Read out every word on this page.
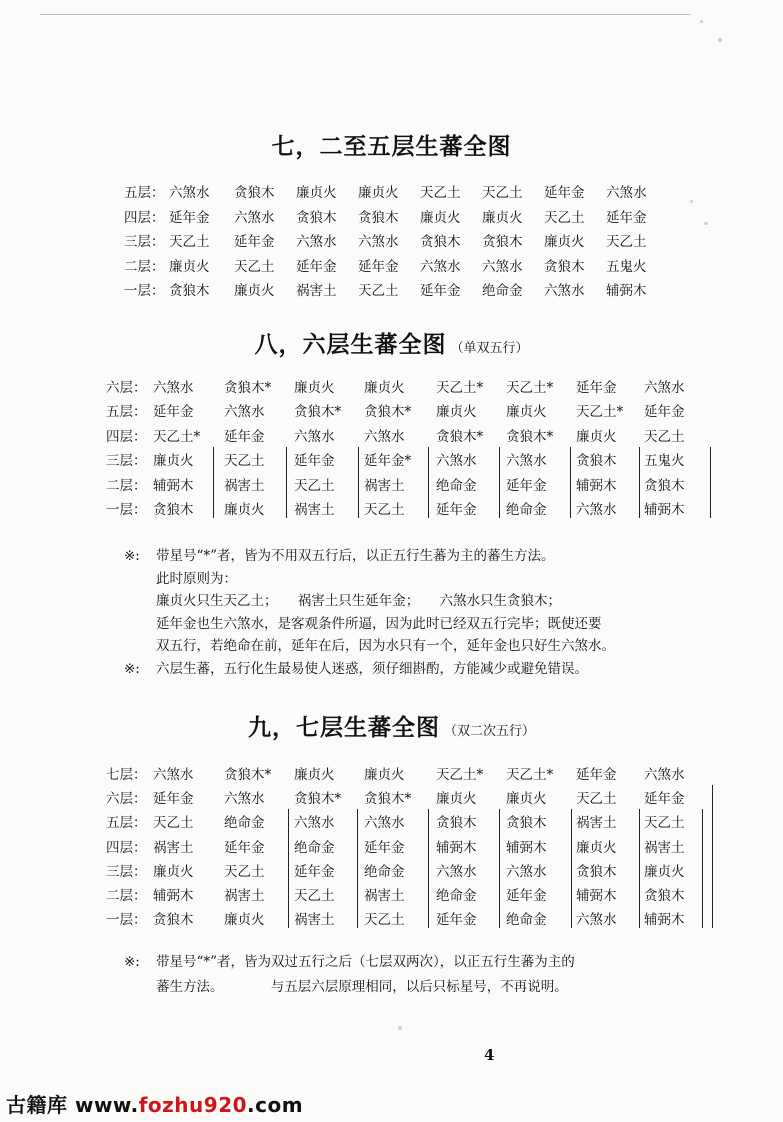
七，二至五层生蕃全图
五层： 六煞水 贪狼木 廉贞火 廉贞火 天乙土 天乙土 延年金 六煞水
四层： 延年金 六煞水 贪狼木 贪狼木 廉贞火 廉贞火 天乙土 延年金
三层： 天乙土 延年金 六煞水 六煞水 贪狼木 贪狼木 廉贞火 天乙土
二层： 廉贞火 天乙土 延年金 延年金 六煞水 六煞水 贪狼木 五鬼火
一层： 贪狼木 廉贞火 祸害土 天乙土 延年金 绝命金 六煞水 辅弼木
八，六层生蕃全图 （单双五行）
六层： 六煞水 贪狼木* 廉贞火 廉贞火 天乙土* 天乙土* 延年金 六煞水
五层： 延年金 六煞水 贪狼木* 贪狼木* 廉贞火 廉贞火 天乙土* 延年金
四层： 天乙土* 延年金 六煞水 六煞水 贪狼木* 贪狼木* 廉贞火 天乙土
三层： 廉贞火 天乙土 延年金 延年金* 六煞水 六煞水 贪狼木 五鬼火
二层： 辅弼木 祸害土 天乙土 祸害土 绝命金 延年金 辅弼木 贪狼木
一层： 贪狼木 廉贞火 祸害土 天乙土 延年金 绝命金 六煞水 辅弼木
※: 带星号“*”者，皆为不用双五行后，以正五行生蕃为主的蕃生方法。
此时原则为：
廉贞火只生天乙土；　　祸害土只生延年金；　　六煞水只生贪狼木；
延年金也生六煞水，是客观条件所逼，因为此时已经双五行完毕；既使还要
双五行，若绝命在前，延年在后，因为水只有一个，延年金也只好生六煞水。
※: 六层生蕃，五行化生最易使人迷惑，须仔细斟酌，方能减少或避免错误。
九，七层生蕃全图 （双二次五行）
七层： 六煞水 贪狼木* 廉贞火 廉贞火 天乙土* 天乙土* 延年金 六煞水
六层： 延年金 六煞水 贪狼木* 贪狼木* 廉贞火 廉贞火 天乙土 延年金
五层： 天乙土 绝命金 六煞水 六煞水 贪狼木 贪狼木 祸害土 天乙土
四层： 祸害土 延年金 绝命金 延年金 辅弼木 辅弼木 廉贞火 祸害土
三层： 廉贞火 天乙土 延年金 绝命金 六煞水 六煞水 贪狼木 廉贞火
二层： 辅弼木 祸害土 天乙土 祸害土 绝命金 延年金 辅弼木 贪狼木
一层： 贪狼木 廉贞火 祸害土 天乙土 延年金 绝命金 六煞水 辅弼木
※: 带星号“*”者，皆为双过五行之后（七层双两次），以正五行生蕃为主的
蕃生方法。　　　　与五层六层原理相同，以后只标星号，不再说明。
4
古籍库 www.fozhu920.com
